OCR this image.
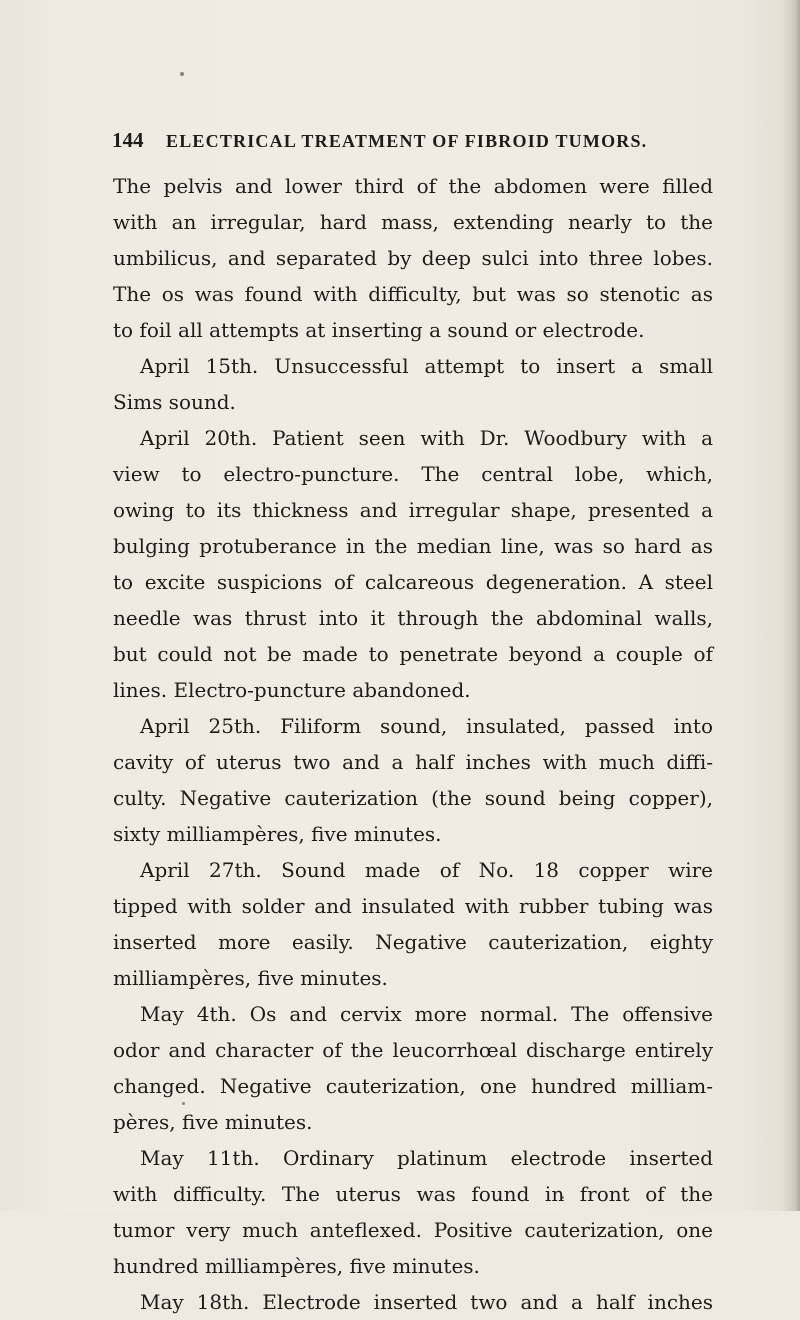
144 ELECTRICAL TREATMENT OF FIBROID TUMORS.
The pelvis and lower third of the abdomen were filled
with an irregular, hard mass, extending nearly to the
umbilicus, and separated by deep sulci into three lobes.
The os was found with difficulty, but was so stenotic as
to foil all attempts at inserting a sound or electrode.
April 15th. Unsuccessful attempt to insert a small
Sims sound.
April 20th. Patient seen with Dr. Woodbury with a
view to electro-puncture. The central lobe, which,
owing to its thickness and irregular shape, presented a
bulging protuberance in the median line, was so hard as
to excite suspicions of calcareous degeneration. A steel
needle was thrust into it through the abdominal walls,
but could not be made to penetrate beyond a couple of
lines. Electro-puncture abandoned.
April 25th. Filiform sound, insulated, passed into
cavity of uterus two and a half inches with much diffi-
culty. Negative cauterization (the sound being copper),
sixty milliampères, five minutes.
April 27th. Sound made of No. 18 copper wire
tipped with solder and insulated with rubber tubing was
inserted more easily. Negative cauterization, eighty
milliampères, five minutes.
May 4th. Os and cervix more normal. The offensive
odor and character of the leucorrhœal discharge entirely
changed. Negative cauterization, one hundred milliam-
pères, five minutes.
May 11th. Ordinary platinum electrode inserted
with difficulty. The uterus was found in front of the
tumor very much anteflexed. Positive cauterization, one
hundred milliampères, five minutes.
May 18th. Electrode inserted two and a half inches
